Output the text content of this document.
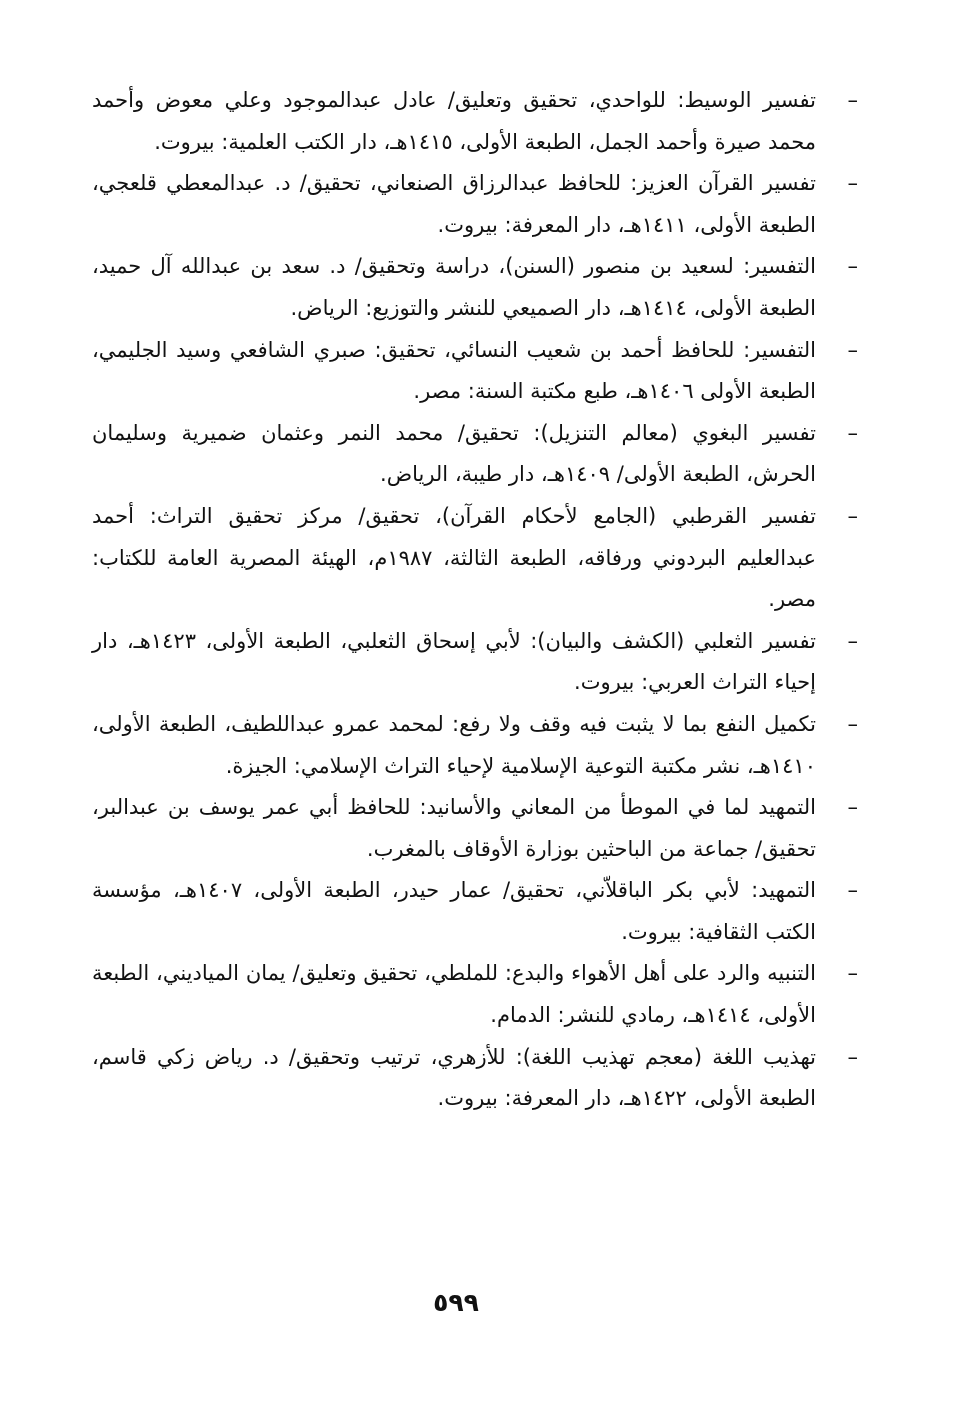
–
تفسير الوسيط: للواحدي، تحقيق وتعليق/ عادل عبدالموجود وعلي معوض وأحمد محمد صيرة وأحمد الجمل، الطبعة الأولى، ١٤١٥هـ، دار الكتب العلمية: بيروت.
–
تفسير القرآن العزيز: للحافظ عبدالرزاق الصنعاني، تحقيق/ د. عبدالمعطي قلعجي، الطبعة الأولى، ١٤١١هـ، دار المعرفة: بيروت.
–
التفسير: لسعيد بن منصور (السنن)، دراسة وتحقيق/ د. سعد بن عبدالله آل حميد، الطبعة الأولى، ١٤١٤هـ، دار الصميعي للنشر والتوزيع: الرياض.
–
التفسير: للحافظ أحمد بن شعيب النسائي، تحقيق: صبري الشافعي وسيد الجليمي، الطبعة الأولى ١٤٠٦هـ، طبع مكتبة السنة: مصر.
–
تفسير البغوي (معالم التنزيل): تحقيق/ محمد النمر وعثمان ضميرية وسليمان الحرش، الطبعة الأولى/ ١٤٠٩هـ، دار طيبة، الرياض.
–
تفسير القرطبي (الجامع لأحكام القرآن)، تحقيق/ مركز تحقيق التراث: أحمد عبدالعليم البردوني ورفاقه، الطبعة الثالثة، ١٩٨٧م، الهيئة المصرية العامة للكتاب: مصر.
–
تفسير الثعلبي (الكشف والبيان): لأبي إسحاق الثعلبي، الطبعة الأولى، ١٤٢٣هـ، دار إحياء التراث العربي: بيروت.
–
تكميل النفع بما لا يثبت فيه وقف ولا رفع: لمحمد عمرو عبداللطيف، الطبعة الأولى، ١٤١٠هـ، نشر مكتبة التوعية الإسلامية لإحياء التراث الإسلامي: الجيزة.
–
التمهيد لما في الموطأ من المعاني والأسانيد: للحافظ أبي عمر يوسف بن عبدالبر، تحقيق/ جماعة من الباحثين بوزارة الأوقاف بالمغرب.
–
التمهيد: لأبي بكر الباقلاّني، تحقيق/ عمار حيدر، الطبعة الأولى، ١٤٠٧هـ، مؤسسة الكتب الثقافية: بيروت.
–
التنبيه والرد على أهل الأهواء والبدع: للملطي، تحقيق وتعليق/ يمان المياديني، الطبعة الأولى، ١٤١٤هـ، رمادي للنشر: الدمام.
–
تهذيب اللغة (معجم تهذيب اللغة): للأزهري، ترتيب وتحقيق/ د. رياض زكي قاسم، الطبعة الأولى، ١٤٢٢هـ، دار المعرفة: بيروت.
٥٩٩
